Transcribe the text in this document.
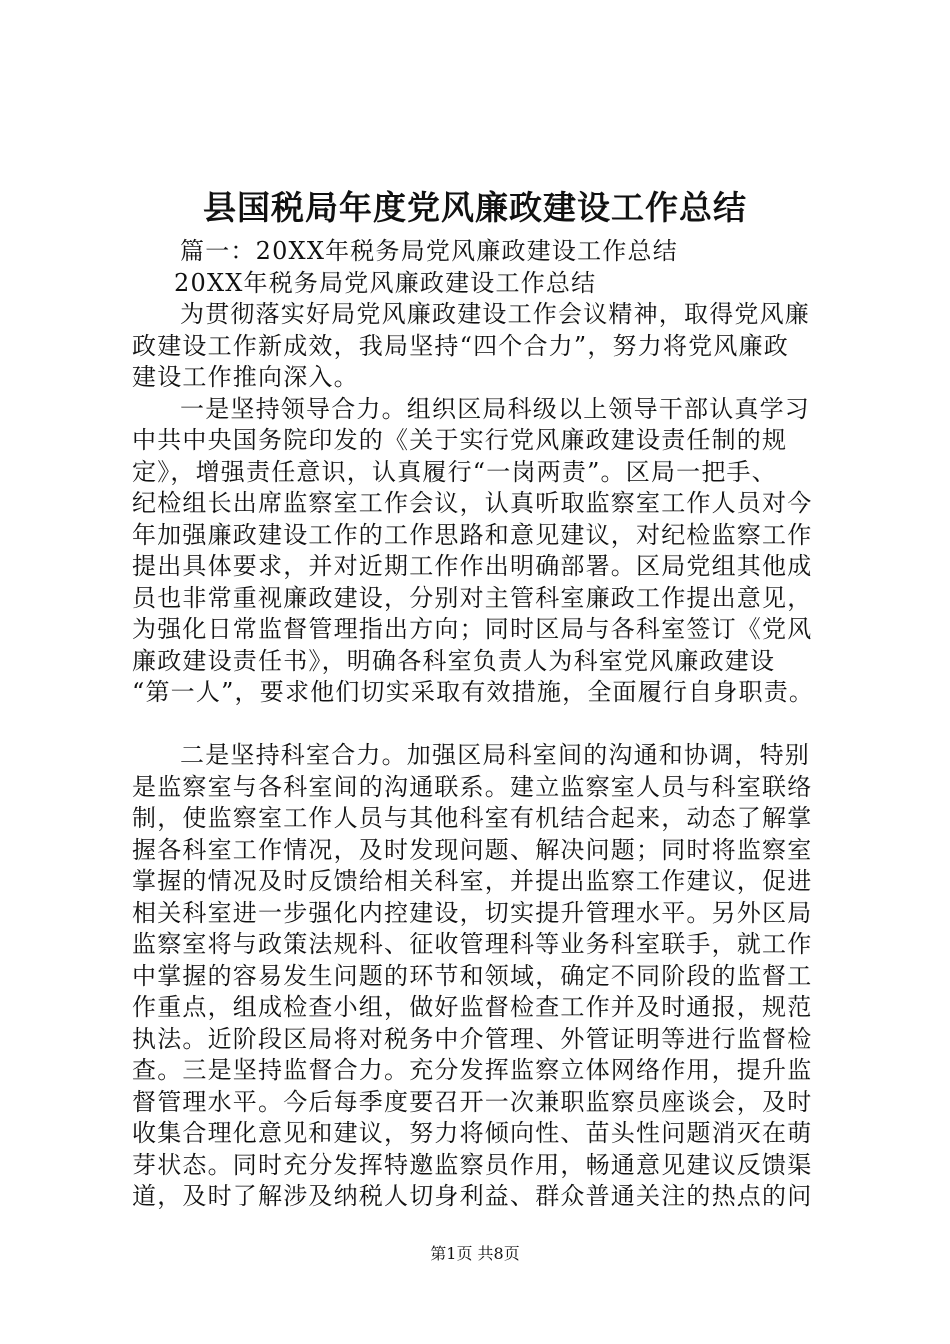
县国税局年度党风廉政建设工作总结
篇一：20XX年税务局党风廉政建设工作总结
20XX年税务局党风廉政建设工作总结
为贯彻落实好局党风廉政建设工作会议精神，取得党风廉
政建设工作新成效，我局坚持“四个合力”，努力将党风廉政
建设工作推向深入。
一是坚持领导合力。组织区局科级以上领导干部认真学习
中共中央国务院印发的《关于实行党风廉政建设责任制的规
定》，增强责任意识，认真履行“一岗两责”。区局一把手、
纪检组长出席监察室工作会议，认真听取监察室工作人员对今
年加强廉政建设工作的工作思路和意见建议，对纪检监察工作
提出具体要求，并对近期工作作出明确部署。区局党组其他成
员也非常重视廉政建设，分别对主管科室廉政工作提出意见，
为强化日常监督管理指出方向；同时区局与各科室签订《党风
廉政建设责任书》，明确各科室负责人为科室党风廉政建设
“第一人”，要求他们切实采取有效措施，全面履行自身职责。
二是坚持科室合力。加强区局科室间的沟通和协调，特别
是监察室与各科室间的沟通联系。建立监察室人员与科室联络
制，使监察室工作人员与其他科室有机结合起来，动态了解掌
握各科室工作情况，及时发现问题、解决问题；同时将监察室
掌握的情况及时反馈给相关科室，并提出监察工作建议，促进
相关科室进一步强化内控建设，切实提升管理水平。另外区局
监察室将与政策法规科、征收管理科等业务科室联手，就工作
中掌握的容易发生问题的环节和领域，确定不同阶段的监督工
作重点，组成检查小组，做好监督检查工作并及时通报，规范
执法。近阶段区局将对税务中介管理、外管证明等进行监督检
查。三是坚持监督合力。充分发挥监察立体网络作用，提升监
督管理水平。今后每季度要召开一次兼职监察员座谈会，及时
收集合理化意见和建议，努力将倾向性、苗头性问题消灭在萌
芽状态。同时充分发挥特邀监察员作用，畅通意见建议反馈渠
道，及时了解涉及纳税人切身利益、群众普通关注的热点的问
第1页 共8页
